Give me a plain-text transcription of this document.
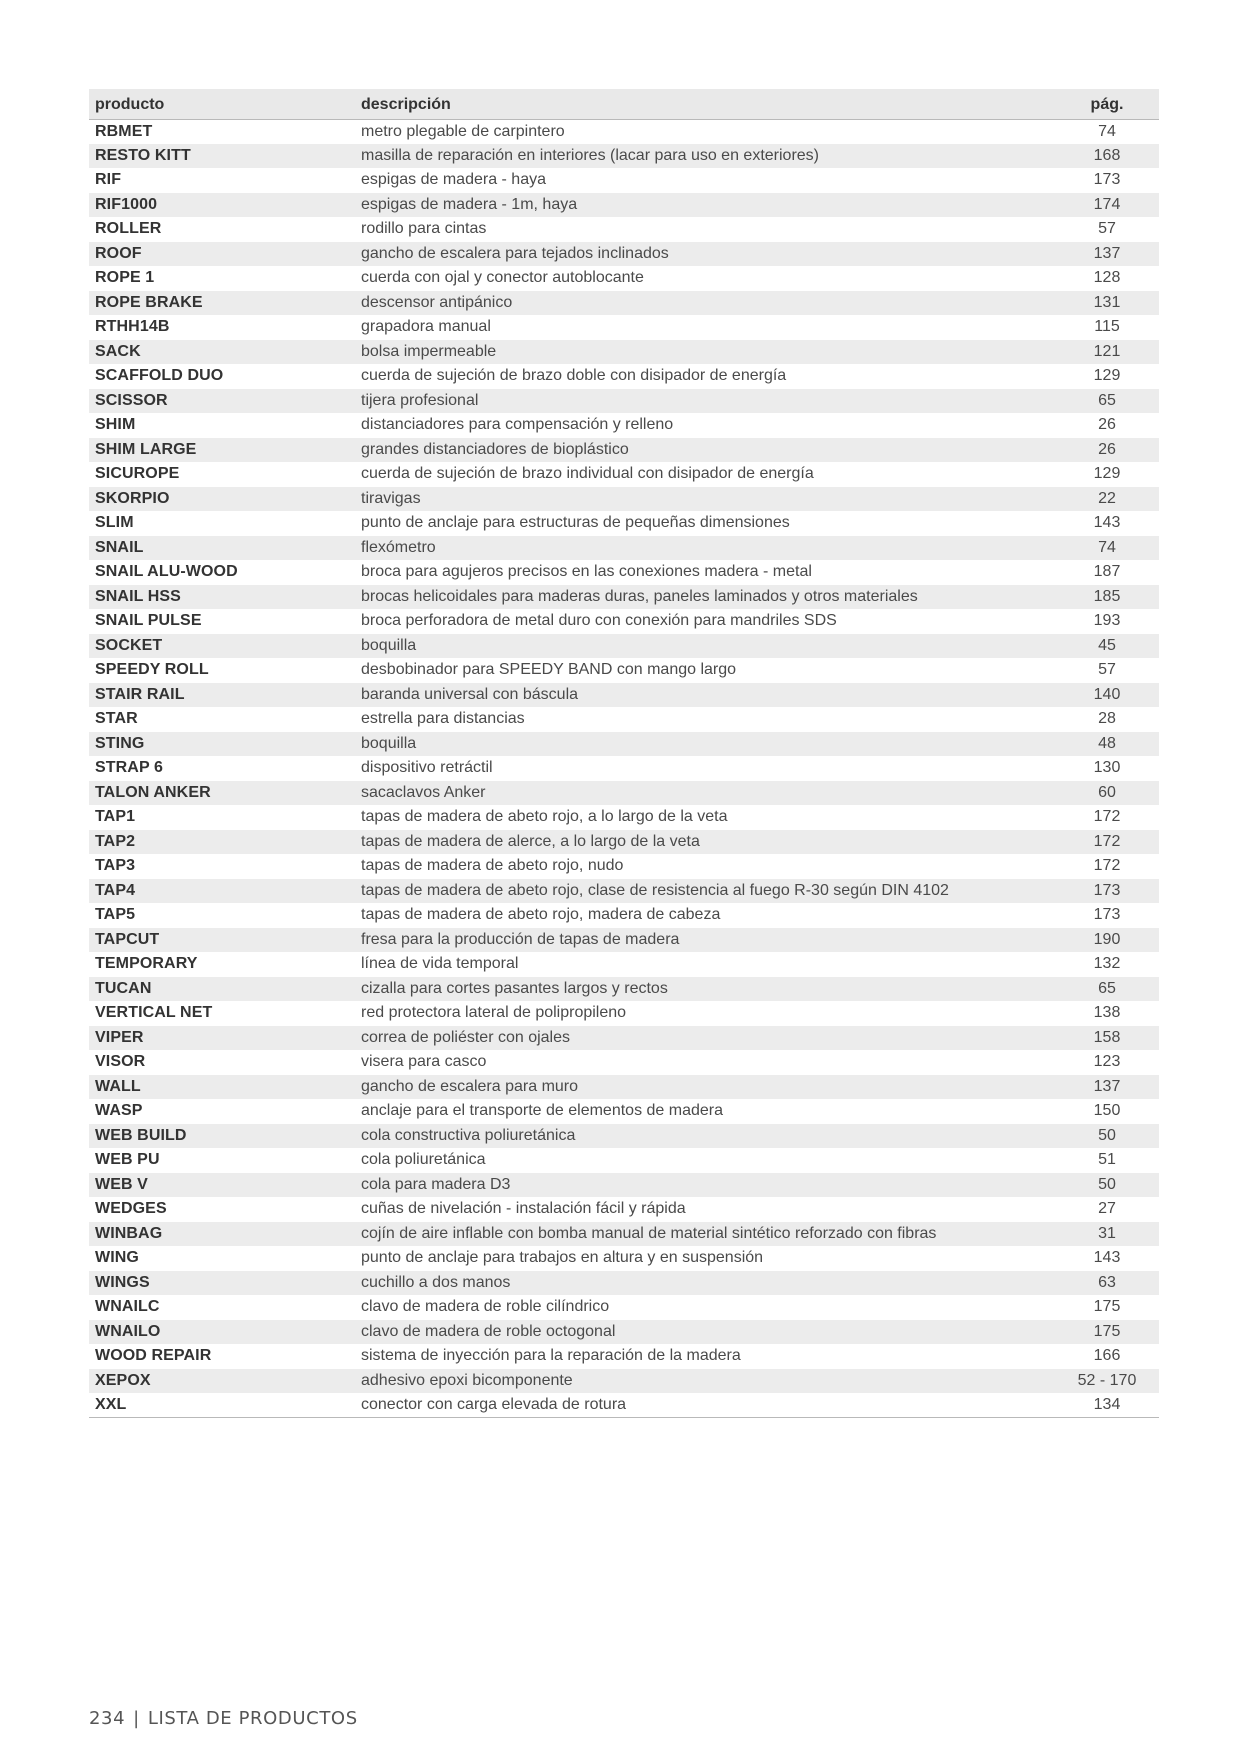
producto	descripción	pág.
RBMET	metro plegable de carpintero	74
RESTO KITT	masilla de reparación en interiores (lacar para uso en exteriores)	168
RIF	espigas de madera - haya	173
RIF1000	espigas de madera - 1m, haya	174
ROLLER	rodillo para cintas	57
ROOF	gancho de escalera para tejados inclinados	137
ROPE 1	cuerda con ojal y conector autoblocante	128
ROPE BRAKE	descensor antipánico	131
RTHH14B	grapadora manual	115
SACK	bolsa impermeable	121
SCAFFOLD DUO	cuerda de sujeción de brazo doble con disipador de energía	129
SCISSOR	tijera profesional	65
SHIM	distanciadores para compensación y relleno	26
SHIM LARGE	grandes distanciadores de bioplástico	26
SICUROPE	cuerda de sujeción de brazo individual con disipador de energía	129
SKORPIO	tiravigas	22
SLIM	punto de anclaje para estructuras de pequeñas dimensiones	143
SNAIL	flexómetro	74
SNAIL ALU-WOOD	broca para agujeros precisos en las conexiones madera - metal	187
SNAIL HSS	brocas helicoidales para maderas duras, paneles laminados y otros materiales	185
SNAIL PULSE	broca perforadora de metal duro con conexión para mandriles SDS	193
SOCKET	boquilla	45
SPEEDY ROLL	desbobinador para SPEEDY BAND con mango largo	57
STAIR RAIL	baranda universal con báscula	140
STAR	estrella para distancias	28
STING	boquilla	48
STRAP 6	dispositivo retráctil	130
TALON ANKER	sacaclavos Anker	60
TAP1	tapas de madera de abeto rojo, a lo largo de la veta	172
TAP2	tapas de madera de alerce, a lo largo de la veta	172
TAP3	tapas de madera de abeto rojo, nudo	172
TAP4	tapas de madera de abeto rojo, clase de resistencia al fuego R-30 según DIN 4102	173
TAP5	tapas de madera de abeto rojo, madera de cabeza	173
TAPCUT	fresa para la producción de tapas de madera	190
TEMPORARY	línea de vida temporal	132
TUCAN	cizalla para cortes pasantes largos y rectos	65
VERTICAL NET	red protectora lateral de polipropileno	138
VIPER	correa de poliéster con ojales	158
VISOR	visera para casco	123
WALL	gancho de escalera para muro	137
WASP	anclaje para el transporte de elementos de madera	150
WEB BUILD	cola constructiva poliuretánica	50
WEB PU	cola poliuretánica	51
WEB V	cola para madera D3	50
WEDGES	cuñas de nivelación - instalación fácil y rápida	27
WINBAG	cojín de aire inflable con bomba manual de material sintético reforzado con fibras	31
WING	punto de anclaje para trabajos en altura y en suspensión	143
WINGS	cuchillo a dos manos	63
WNAILC	clavo de madera de roble cilíndrico	175
WNAILO	clavo de madera de roble octogonal	175
WOOD REPAIR	sistema de inyección para la reparación de la madera	166
XEPOX	adhesivo epoxi bicomponente	52 - 170
XXL	conector con carga elevada de rotura	134
234 | LISTA DE PRODUCTOS
